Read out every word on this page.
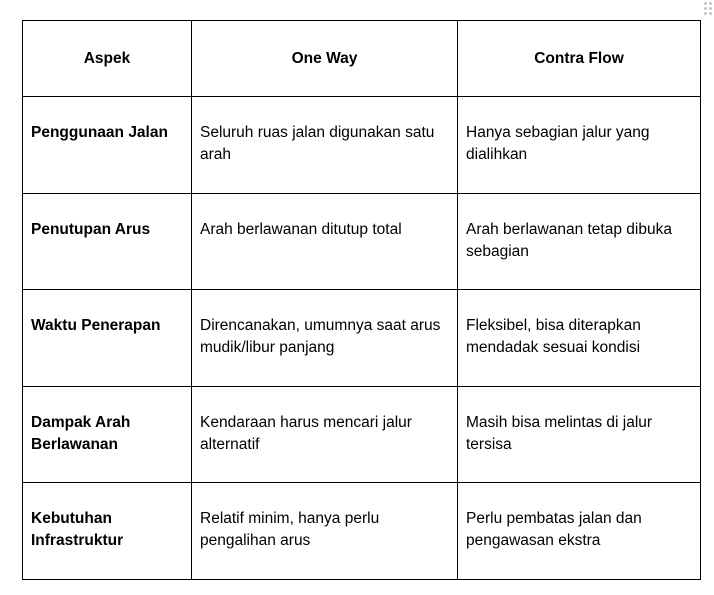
Aspek	One Way	Contra Flow
Penggunaan Jalan	Seluruh ruas jalan digunakan satu arah	Hanya sebagian jalur yang dialihkan
Penutupan Arus	Arah berlawanan ditutup total	Arah berlawanan tetap dibuka sebagian
Waktu Penerapan	Direncanakan, umumnya saat arus mudik/libur panjang	Fleksibel, bisa diterapkan mendadak sesuai kondisi
Dampak Arah Berlawanan	Kendaraan harus mencari jalur alternatif	Masih bisa melintas di jalur tersisa
Kebutuhan Infrastruktur	Relatif minim, hanya perlu pengalihan arus	Perlu pembatas jalan dan pengawasan ekstra
